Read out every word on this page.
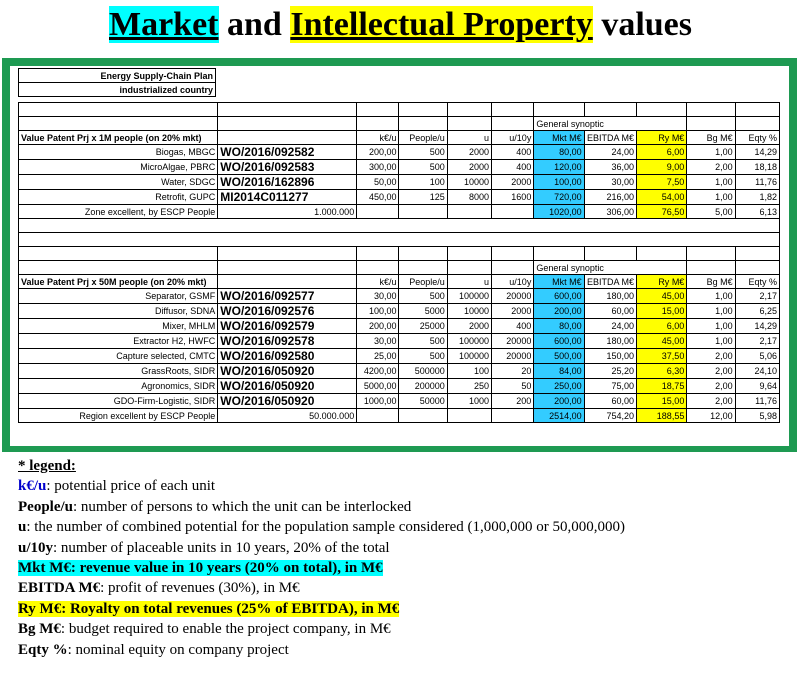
Market and Intellectual Property values
Energy Supply-Chain Plan
industrialized country

						General synoptic				
Value Patent Prj x 1M people (on 20% mkt)		k€/u	People/u	u	u/10y	Mkt M€	EBITDA M€	Ry M€	Bg M€	Eqty %
Biogas, MBGC	WO/2016/092582	200,00	500	2000	400	80,00	24,00	6,00	1,00	14,29
MicroAlgae, PBRC	WO/2016/092583	300,00	500	2000	400	120,00	36,00	9,00	2,00	18,18
Water, SDGC	WO/2016/162896	50,00	100	10000	2000	100,00	30,00	7,50	1,00	11,76
Retrofit, GUPC	MI2014C011277	450,00	125	8000	1600	720,00	216,00	54,00	1,00	1,82
Zone excellent, by ESCP People	1.000.000					1020,00	306,00	76,50	5,00	6,13

						General synoptic				
Value Patent Prj x 50M people (on 20% mkt)		k€/u	People/u	u	u/10y	Mkt M€	EBITDA M€	Ry M€	Bg M€	Eqty %
Separator, GSMF	WO/2016/092577	30,00	500	100000	20000	600,00	180,00	45,00	1,00	2,17
Diffusor, SDNA	WO/2016/092576	100,00	5000	10000	2000	200,00	60,00	15,00	1,00	6,25
Mixer, MHLM	WO/2016/092579	200,00	25000	2000	400	80,00	24,00	6,00	1,00	14,29
Extractor H2, HWFC	WO/2016/092578	30,00	500	100000	20000	600,00	180,00	45,00	1,00	2,17
Capture selected, CMTC	WO/2016/092580	25,00	500	100000	20000	500,00	150,00	37,50	2,00	5,06
GrassRoots, SIDR	WO/2016/050920	4200,00	500000	100	20	84,00	25,20	6,30	2,00	24,10
Agronomics, SIDR	WO/2016/050920	5000,00	200000	250	50	250,00	75,00	18,75	2,00	9,64
GDO-Firm-Logistic, SIDR	WO/2016/050920	1000,00	50000	1000	200	200,00	60,00	15,00	2,00	11,76
Region excellent by ESCP People	50.000.000					2514,00	754,20	188,55	12,00	5,98
* legend:
k€/u: potential price of each unit
People/u: number of persons to which the unit can be interlocked
u: the number of combined potential for the population sample considered (1,000,000 or 50,000,000)
u/10y: number of placeable units in 10 years, 20% of the total
Mkt M€: revenue value in 10 years (20% on total), in M€
EBITDA M€: profit of revenues (30%), in M€
Ry M€: Royalty on total revenues (25% of EBITDA), in M€
Bg M€: budget required to enable the project company, in M€
Eqty %: nominal equity on company project
